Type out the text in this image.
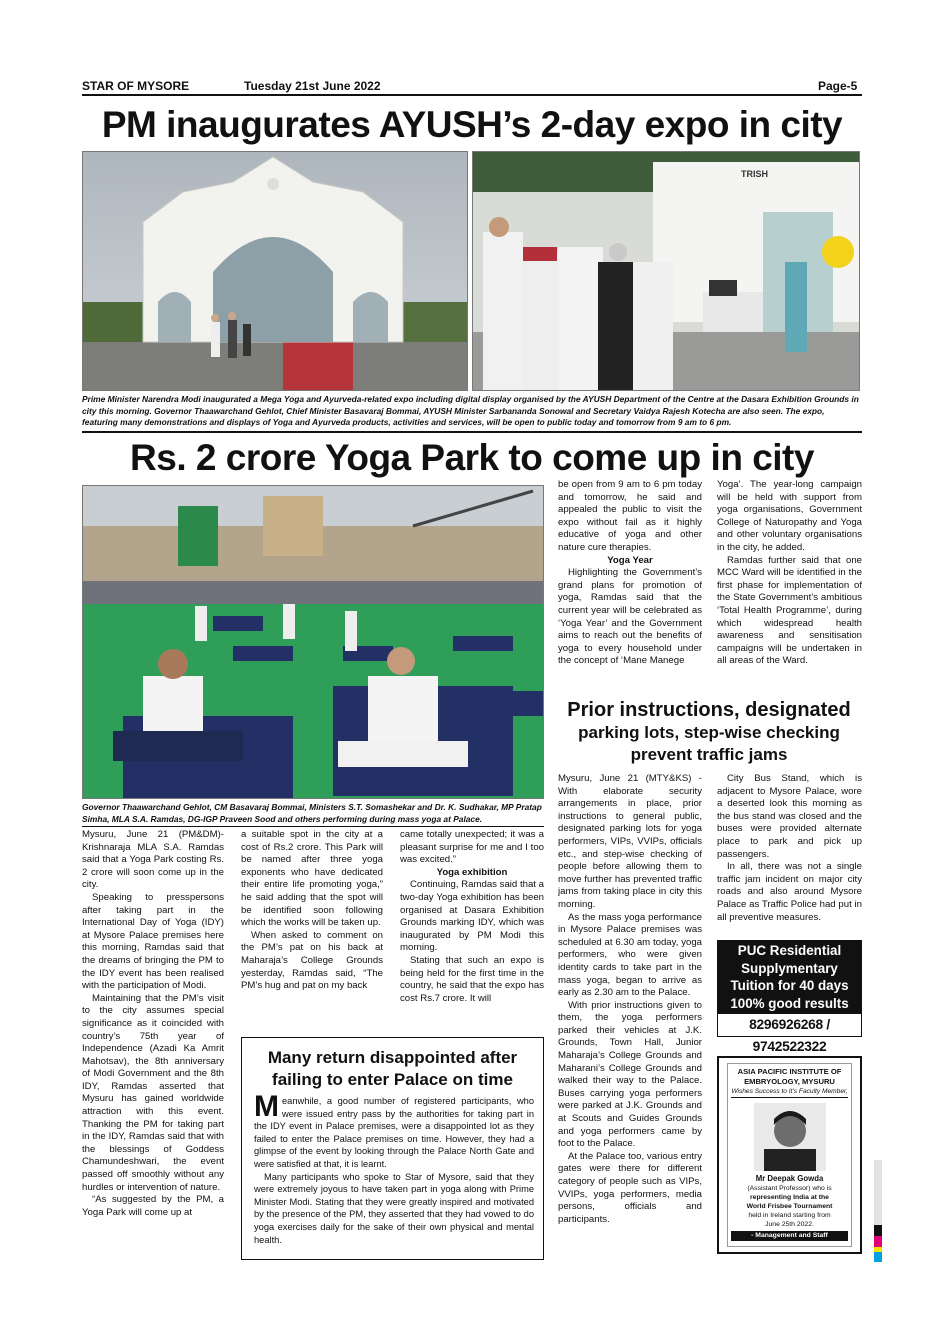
STAR OF MYSORE	Tuesday 21st June 2022	Page-5
PM inaugurates AYUSH’s 2-day expo in city
TRISH
Prime Minister Narendra Modi inaugurated a Mega Yoga and Ayurveda-related expo including digital display organised by the AYUSH Department of the Centre at the Dasara Exhibition Grounds in city this morning. Governor Thaawarchand Gehlot, Chief Minister Basavaraj Bommai, AYUSH Minister Sarbananda Sonowal and Secretary Vaidya Rajesh Kotecha are also seen. The expo, featuring many demonstrations and displays of Yoga and Ayurveda products, activities and services, will be open to public today and tomorrow from 9 am to 6 pm.
Rs. 2 crore Yoga Park to come up in city
Governor Thaawarchand Gehlot, CM Basavaraj Bommai, Ministers S.T. Somashekar and Dr. K. Sudhakar, MP Pratap Simha, MLA S.A. Ramdas, DG-IGP Praveen Sood and others performing during mass yoga at Palace.

Mysuru, June 21 (PM&DM)- Krishnaraja MLA S.A. Ramdas said that a Yoga Park costing Rs. 2 crore will soon come up in the city.

Speaking to presspersons after taking part in the International Day of Yoga (IDY) at Mysore Palace premises here this morning, Ramdas said that the dreams of bringing the PM to the IDY event has been realised with the participation of Modi.

Maintaining that the PM’s visit to the city assumes special significance as it coincided with country’s 75th year of Independence (Azadi Ka Amrit Mahotsav), the 8th anniversary of Modi Government and the 8th IDY, Ramdas asserted that Mysuru has gained worldwide attraction with this event. Thanking the PM for taking part in the IDY, Ramdas said that with the blessings of Goddess Chamundeshwari, the event passed off smoothly without any hurdles or intervention of nature.

“As suggested by the PM, a Yoga Park will come up at

a suitable spot in the city at a cost of Rs.2 crore. This Park will be named after three yoga exponents who have dedicated their entire life promoting yoga,” he said adding that the spot will be identified soon following which the works will be taken up.

When asked to comment on the PM’s pat on his back at Maharaja’s College Grounds yesterday, Ramdas said, “The PM’s hug and pat on my back

came totally unexpected; it was a pleasant surprise for me and I too was excited.”

Yoga exhibition

Continuing, Ramdas said that a two-day Yoga exhibition has been organised at Dasara Exhibition Grounds marking IDY, which was inaugurated by PM Modi this morning.

Stating that such an expo is being held for the first time in the country, he said that the expo has cost Rs.7 crore. It will

be open from 9 am to 6 pm today and tomorrow, he said and appealed the public to visit the expo without fail as it highly educative of yoga and other nature cure therapies.

Yoga Year

Highlighting the Government’s grand plans for promotion of yoga, Ramdas said that the current year will be celebrated as ‘Yoga Year’ and the Government aims to reach out the benefits of yoga to every household under the concept of ‘Mane Manege

Yoga’. The year-long campaign will be held with support from yoga organisations, Government College of Naturopathy and Yoga and other voluntary organisations in the city, he added.

Ramdas further said that one MCC Ward will be identified in the first phase for implementation of the State Government’s ambitious ‘Total Health Programme’, during which widespread health awareness and sensitisation campaigns will be undertaken in all areas of the Ward.

Prior instructions, designated
parking lots, step-wise checking
prevent traffic jams

Mysuru, June 21 (MTY&KS) - With elaborate security arrangements in place, prior instructions to general public, designated parking lots for yoga performers, VIPs, VVIPs, officials etc., and step-wise checking of people before allowing them to move further has prevented traffic jams from taking place in city this morning.

As the mass yoga performance in Mysore Palace premises was scheduled at 6.30 am today, yoga performers, who were given identity cards to take part in the mass yoga, began to arrive as early as 2.30 am to the Palace.

With prior instructions given to them, the yoga performers parked their vehicles at J.K. Grounds, Town Hall, Junior Maharaja’s College Grounds and Maharani’s College Grounds and walked their way to the Palace. Buses carrying yoga performers were parked at J.K. Grounds and at Scouts and Guides Grounds and yoga performers came by foot to the Palace.

At the Palace too, various entry gates were there for different category of people such as VIPs, VVIPs, yoga performers, media persons, officials and participants.

City Bus Stand, which is adjacent to Mysore Palace, wore a deserted look this morning as the bus stand was closed and the buses were provided alternate place to park and pick up passengers.

In all, there was not a single traffic jam incident on major city roads and also around Mysore Palace as Traffic Police had put in all preventive measures.

Many return disappointed after
failing to enter Palace on time

Meanwhile, a good number of registered participants, who were issued entry pass by the authorities for taking part in the IDY event in Palace premises, were a disappointed lot as they failed to enter the Palace premises on time. However, they had a glimpse of the event by looking through the Palace North Gate and were satisfied at that, it is learnt.

Many participants who spoke to Star of Mysore, said that they were extremely joyous to have taken part in yoga along with Prime Minister Modi. Stating that they were greatly inspired and motivated by the presence of the PM, they asserted that they had vowed to do yoga exercises daily for the sake of their own physical and mental health.

PUC Residential
Supplymentary
Tuition for 40 days
100% good results
8296926268 / 9742522322
ASIA PACIFIC INSTITUTE OF EMBRYOLOGY, MYSURU
Wishes Success to It’s Faculty Member,
Mr Deepak Gowda
(Assistant Professor) who is
representing India at the
World Frisbee Tournament
held in Ireland starting from
June 25th 2022.
- Management and Staff
